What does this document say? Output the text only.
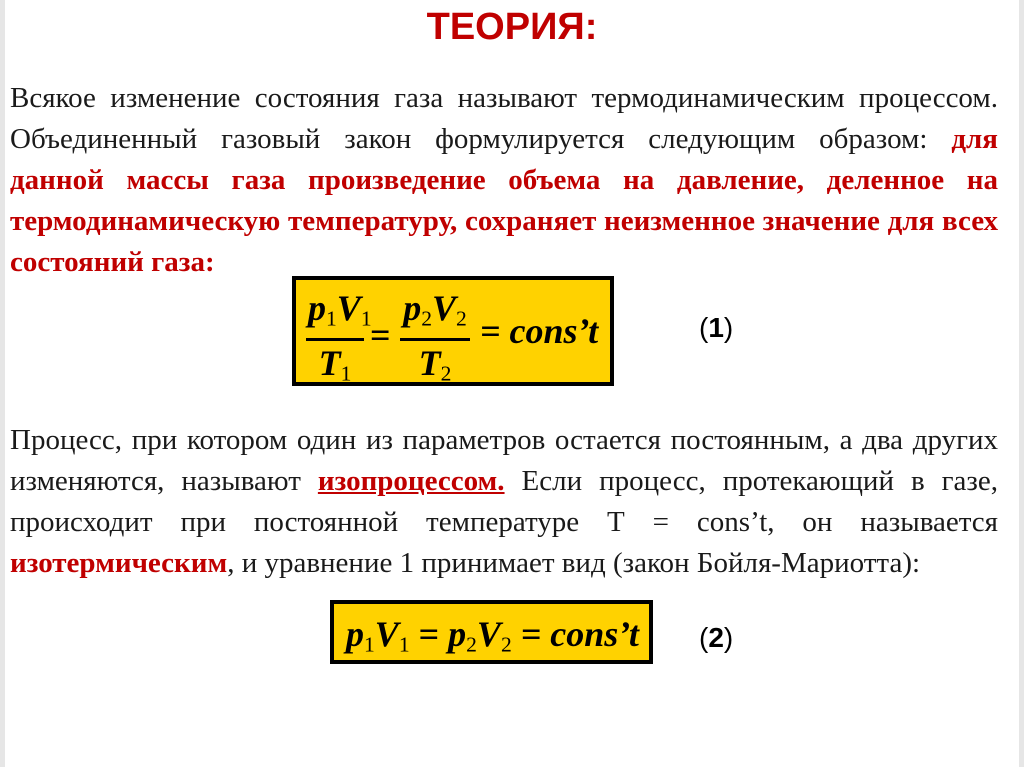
ТЕОРИЯ:
Всякое изменение состояния газа называют термодинамическим процессом. Объединенный газовый закон формулируется следующим образом: для данной массы газа произведение объема на давление, деленное на термодинамическую температуру, сохраняет неизменное значение для всех состояний газа:
$p_1V_1$
$T_1$
=
$p_2V_2$
$T_2$
= cons’t	(1)
Процесс, при котором один из параметров остается постоянным, а два других изменяются, называют изопроцессом. Если процесс, протекающий в газе, происходит при постоянной температуре Т = cons’t, он называется изотермическим, и уравнение 1 принимает вид (закон Бойля-Мариотта):
$p_1V_1 = p_2V_2$ = cons’t (2)
